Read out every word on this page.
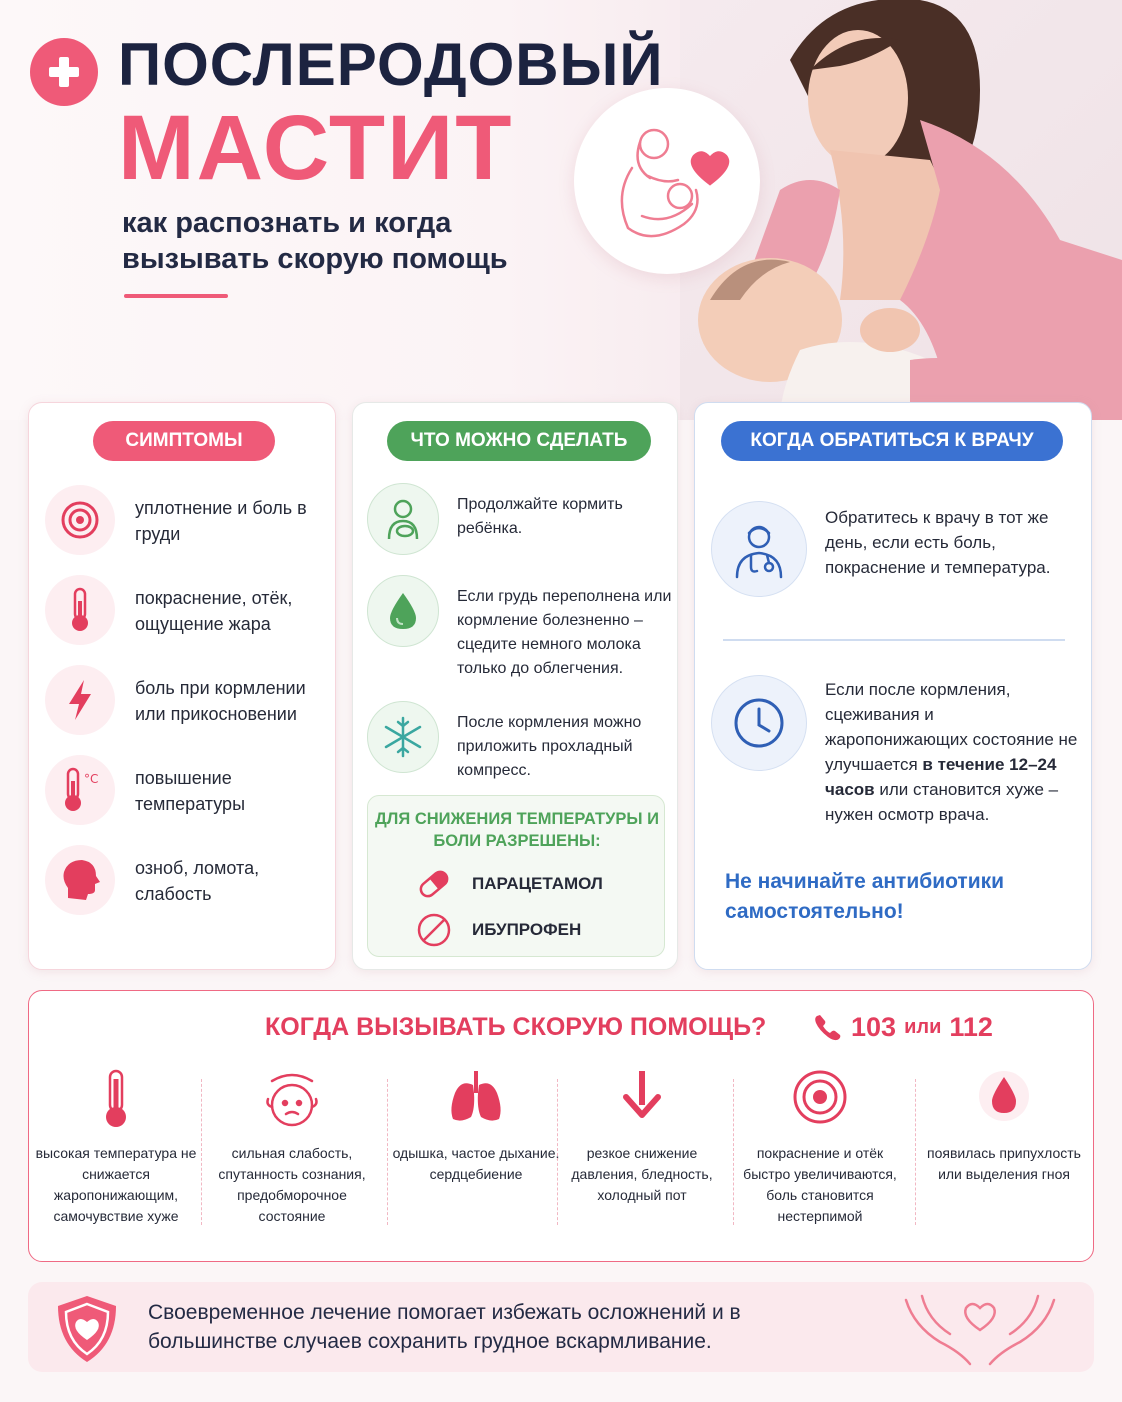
ПОСЛЕРОДОВЫЙ
МАСТИТ
как распознать и когда вызывать скорую помощь
СИМПТОМЫ
уплотнение и боль в груди
покраснение, отёк, ощущение жара
боль при кормлении или прикосновении
°C повышение температуры
озноб, ломота, слабость
ЧТО МОЖНО СДЕЛАТЬ
Продолжайте кормить ребёнка.
Если грудь переполнена или кормление болезненно – сцедите немного молока только до облегчения.
После кормления можно приложить прохладный компресс.
ДЛЯ СНИЖЕНИЯ ТЕМПЕРАТУРЫ И БОЛИ РАЗРЕШЕНЫ:
ПАРАЦЕТАМОЛ
ИБУПРОФЕН
КОГДА ОБРАТИТЬСЯ К ВРАЧУ
Обратитесь к врачу в тот же день, если есть боль, покраснение и температура.
Если после кормления, сцеживания и жаропонижающих состояние не улучшается в течение 12–24 часов или становится хуже – нужен осмотр врача.
Не начинайте антибиотики самостоятельно!
КОГДА ВЫЗЫВАТЬ СКОРУЮ ПОМОЩЬ?	103 или 112
высокая температура не снижается жаропонижающим, самочувствие хуже
сильная слабость, спутанность сознания, предобморочное состояние
одышка, частое дыхание, сердцебиение
резкое снижение давления, бледность, холодный пот
покраснение и отёк быстро увеличиваются, боль становится нестерпимой
появилась припухлость или выделения гноя
Своевременное лечение помогает избежать осложнений и в большинстве случаев сохранить грудное вскармливание.
